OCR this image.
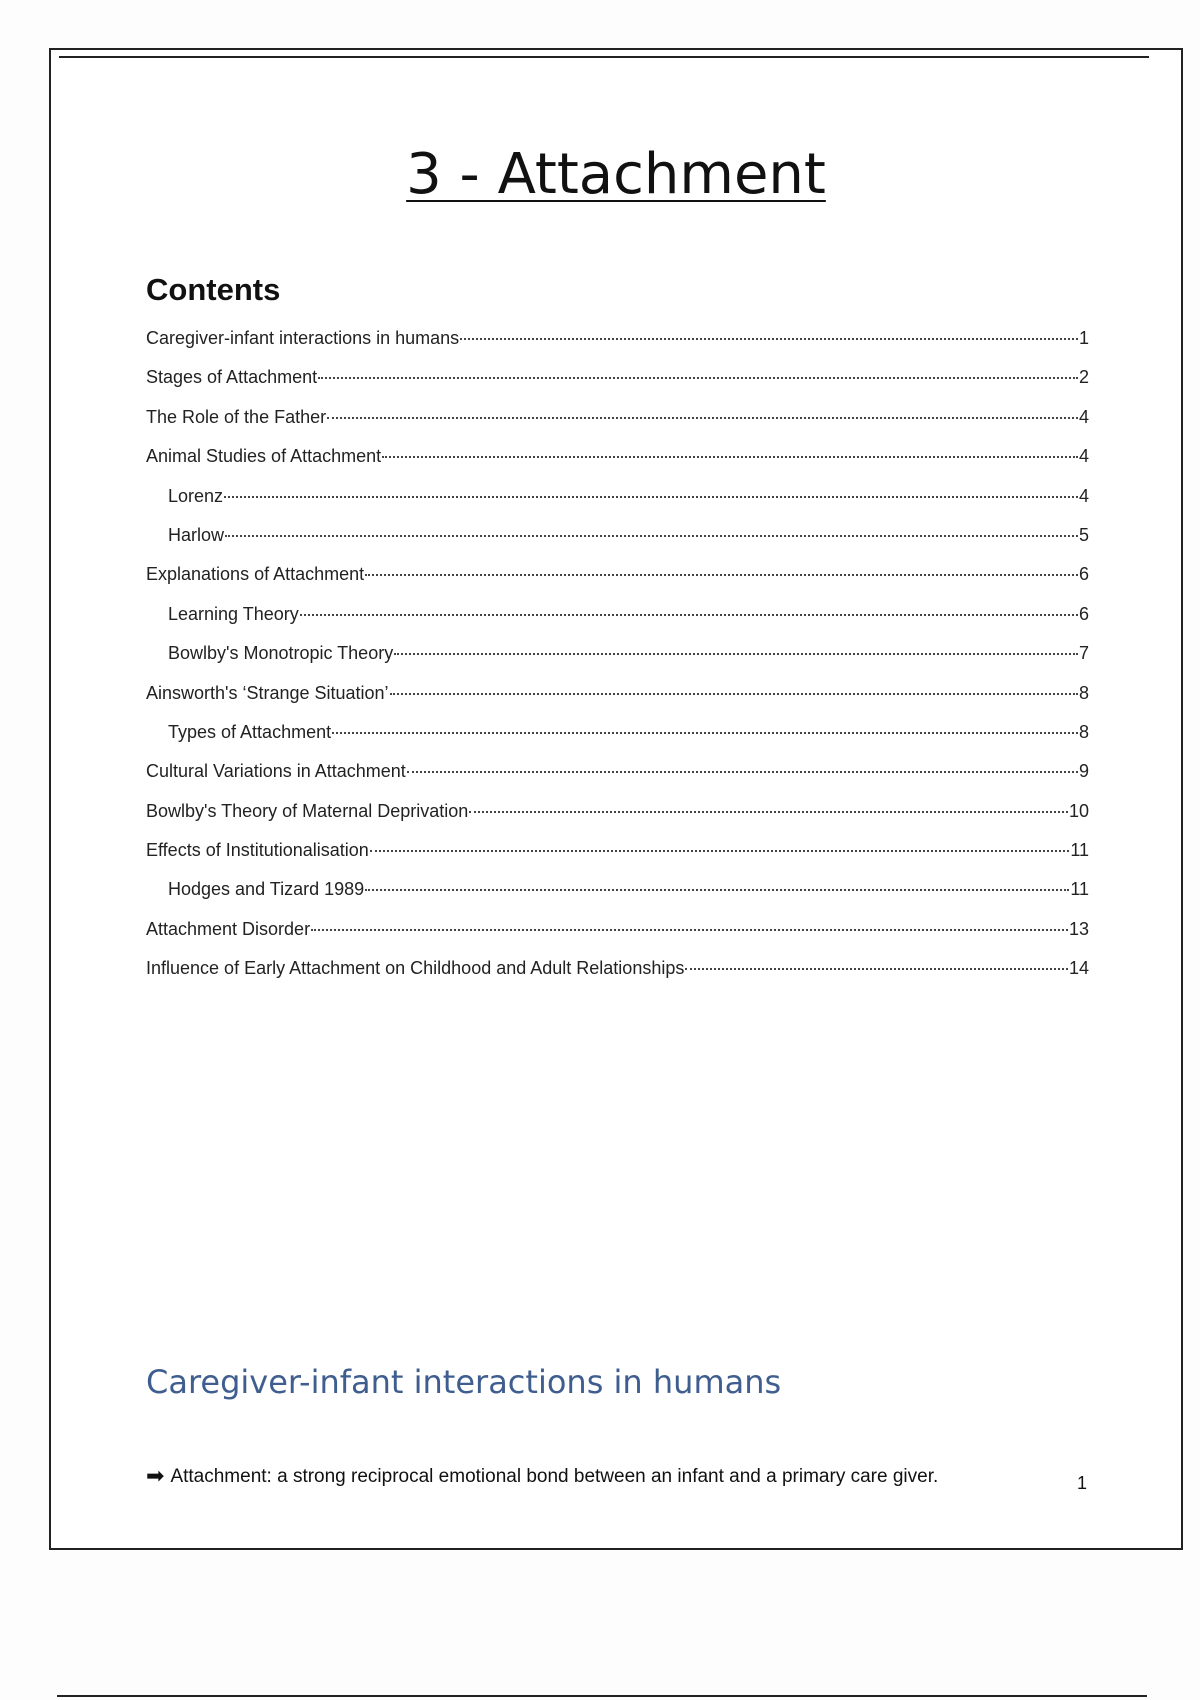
3 - Attachment
Contents
Caregiver-infant interactions in humans	1
Stages of Attachment	2
The Role of the Father	4
Animal Studies of Attachment	4
Lorenz	4
Harlow	5
Explanations of Attachment	6
Learning Theory	6
Bowlby's Monotropic Theory	7
Ainsworth's ‘Strange Situation’	8
Types of Attachment	8
Cultural Variations in Attachment	9
Bowlby's Theory of Maternal Deprivation	10
Effects of Institutionalisation	11
Hodges and Tizard 1989	11
Attachment Disorder	13
Influence of Early Attachment on Childhood and Adult Relationships	14
Caregiver-infant interactions in humans
➡ Attachment: a strong reciprocal emotional bond between an infant and a primary care giver.	1
